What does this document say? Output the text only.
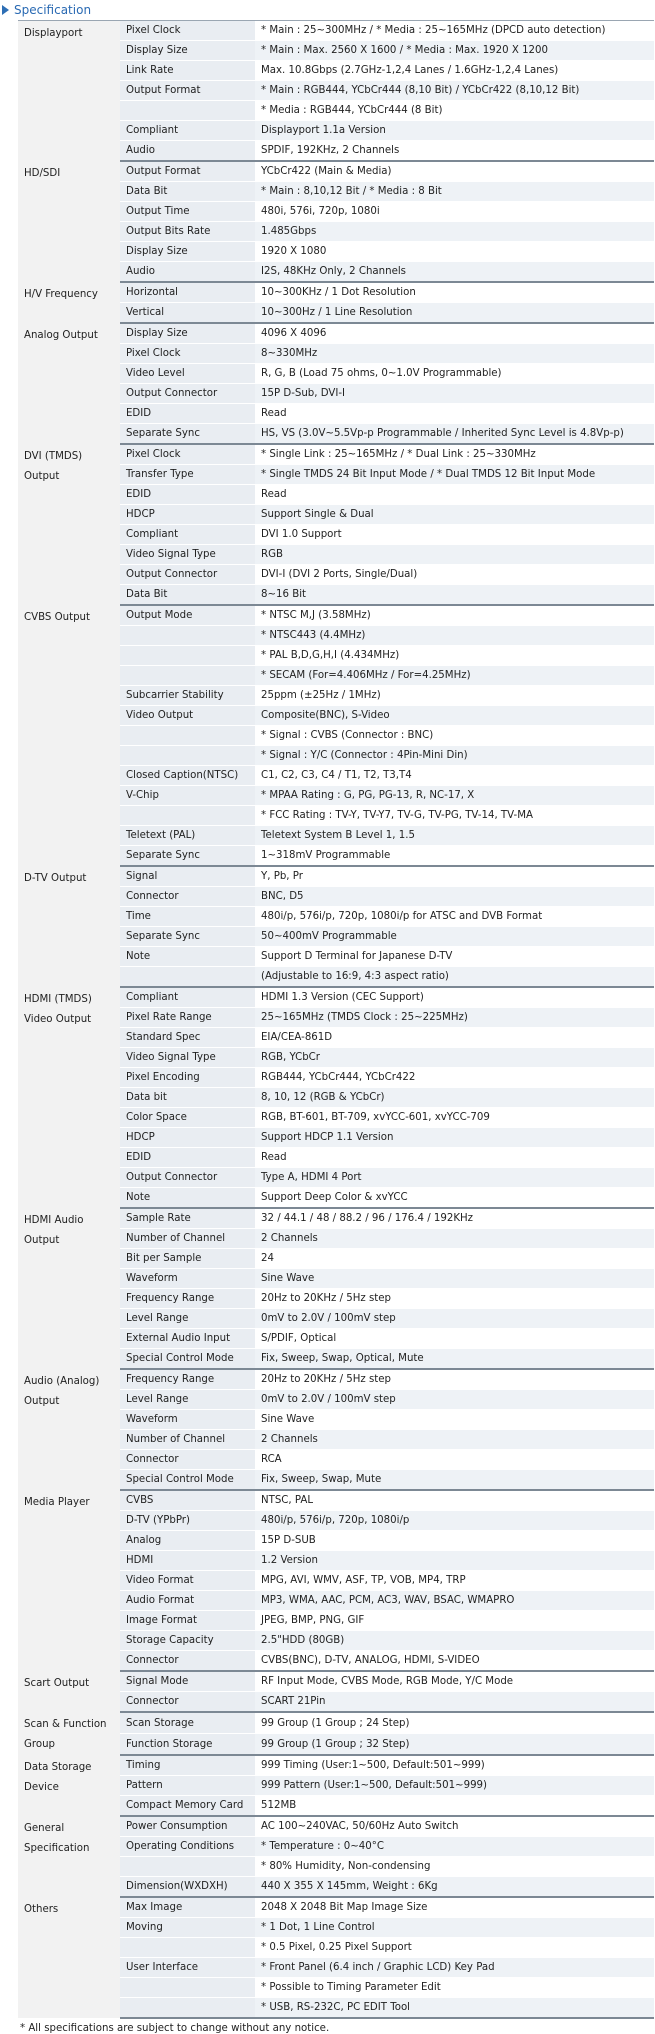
Specification
Displayport	Pixel Clock	* Main : 25~300MHz / * Media : 25~165MHz (DPCD auto detection)
	Display Size	* Main : Max. 2560 X 1600 / * Media : Max. 1920 X 1200
	Link Rate	Max. 10.8Gbps (2.7GHz-1,2,4 Lanes / 1.6GHz-1,2,4 Lanes)
	Output Format	* Main : RGB444, YCbCr444 (8,10 Bit) / YCbCr422 (8,10,12 Bit)
		* Media : RGB444, YCbCr444 (8 Bit)
	Compliant	Displayport 1.1a Version
	Audio	SPDIF, 192KHz, 2 Channels
HD/SDI	Output Format	YCbCr422 (Main & Media)
	Data Bit	* Main : 8,10,12 Bit / * Media : 8 Bit
	Output Time	480i, 576i, 720p, 1080i
	Output Bits Rate	1.485Gbps
	Display Size	1920 X 1080
	Audio	I2S, 48KHz Only, 2 Channels
H/V Frequency	Horizontal	10~300KHz / 1 Dot Resolution
	Vertical	10~300Hz / 1 Line Resolution
Analog Output	Display Size	4096 X 4096
	Pixel Clock	8~330MHz
	Video Level	R, G, B (Load 75 ohms, 0~1.0V Programmable)
	Output Connector	15P D-Sub, DVI-I
	EDID	Read
	Separate Sync	HS, VS (3.0V~5.5Vp-p Programmable / Inherited Sync Level is 4.8Vp-p)
DVI (TMDS) Output	Pixel Clock	* Single Link : 25~165MHz / * Dual Link : 25~330MHz
	Transfer Type	* Single TMDS 24 Bit Input Mode / * Dual TMDS 12 Bit Input Mode
	EDID	Read
	HDCP	Support Single & Dual
	Compliant	DVI 1.0 Support
	Video Signal Type	RGB
	Output Connector	DVI-I (DVI 2 Ports, Single/Dual)
	Data Bit	8~16 Bit
CVBS Output	Output Mode	* NTSC M,J (3.58MHz)
		* NTSC443 (4.4MHz)
		* PAL B,D,G,H,I (4.434MHz)
		* SECAM (For=4.406MHz / For=4.25MHz)
	Subcarrier Stability	25ppm (±25Hz / 1MHz)
	Video Output	Composite(BNC), S-Video
		* Signal : CVBS (Connector : BNC)
		* Signal : Y/C (Connector : 4Pin-Mini Din)
	Closed Caption(NTSC)	C1, C2, C3, C4 / T1, T2, T3,T4
	V-Chip	* MPAA Rating : G, PG, PG-13, R, NC-17, X
		* FCC Rating : TV-Y, TV-Y7, TV-G, TV-PG, TV-14, TV-MA
	Teletext (PAL)	Teletext System B Level 1, 1.5
	Separate Sync	1~318mV Programmable
D-TV Output	Signal	Y, Pb, Pr
	Connector	BNC, D5
	Time	480i/p, 576i/p, 720p, 1080i/p for ATSC and DVB Format
	Separate Sync	50~400mV Programmable
	Note	Support D Terminal for Japanese D-TV
		(Adjustable to 16:9, 4:3 aspect ratio)
HDMI (TMDS) Video Output	Compliant	HDMI 1.3 Version (CEC Support)
	Pixel Rate Range	25~165MHz (TMDS Clock : 25~225MHz)
	Standard Spec	EIA/CEA-861D
	Video Signal Type	RGB, YCbCr
	Pixel Encoding	RGB444, YCbCr444, YCbCr422
	Data bit	8, 10, 12 (RGB & YCbCr)
	Color Space	RGB, BT-601, BT-709, xvYCC-601, xvYCC-709
	HDCP	Support HDCP 1.1 Version
	EDID	Read
	Output Connector	Type A, HDMI 4 Port
	Note	Support Deep Color & xvYCC
HDMI Audio Output	Sample Rate	32 / 44.1 / 48 / 88.2 / 96 / 176.4 / 192KHz
	Number of Channel	2 Channels
	Bit per Sample	24
	Waveform	Sine Wave
	Frequency Range	20Hz to 20KHz / 5Hz step
	Level Range	0mV to 2.0V / 100mV step
	External Audio Input	S/PDIF, Optical
	Special Control Mode	Fix, Sweep, Swap, Optical, Mute
Audio (Analog) Output	Frequency Range	20Hz to 20KHz / 5Hz step
	Level Range	0mV to 2.0V / 100mV step
	Waveform	Sine Wave
	Number of Channel	2 Channels
	Connector	RCA
	Special Control Mode	Fix, Sweep, Swap, Mute
Media Player	CVBS	NTSC, PAL
	D-TV (YPbPr)	480i/p, 576i/p, 720p, 1080i/p
	Analog	15P D-SUB
	HDMI	1.2 Version
	Video Format	MPG, AVI, WMV, ASF, TP, VOB, MP4, TRP
	Audio Format	MP3, WMA, AAC, PCM, AC3, WAV, BSAC, WMAPRO
	Image Format	JPEG, BMP, PNG, GIF
	Storage Capacity	2.5"HDD (80GB)
	Connector	CVBS(BNC), D-TV, ANALOG, HDMI, S-VIDEO
Scart Output	Signal Mode	RF Input Mode, CVBS Mode, RGB Mode, Y/C Mode
	Connector	SCART 21Pin
Scan & Function Group	Scan Storage	99 Group (1 Group ; 24 Step)
	Function Storage	99 Group (1 Group ; 32 Step)
Data Storage Device	Timing	999 Timing (User:1~500, Default:501~999)
	Pattern	999 Pattern (User:1~500, Default:501~999)
	Compact Memory Card	512MB
General Specification	Power Consumption	AC 100~240VAC, 50/60Hz Auto Switch
	Operating Conditions	* Temperature : 0~40°C
		* 80% Humidity, Non-condensing
	Dimension(WXDXH)	440 X 355 X 145mm, Weight : 6Kg
Others	Max Image	2048 X 2048 Bit Map Image Size
	Moving	* 1 Dot, 1 Line Control
		* 0.5 Pixel, 0.25 Pixel Support
	User Interface	* Front Panel (6.4 inch / Graphic LCD) Key Pad
		* Possible to Timing Parameter Edit
		* USB, RS-232C, PC EDIT Tool
* All specifications are subject to change without any notice.
